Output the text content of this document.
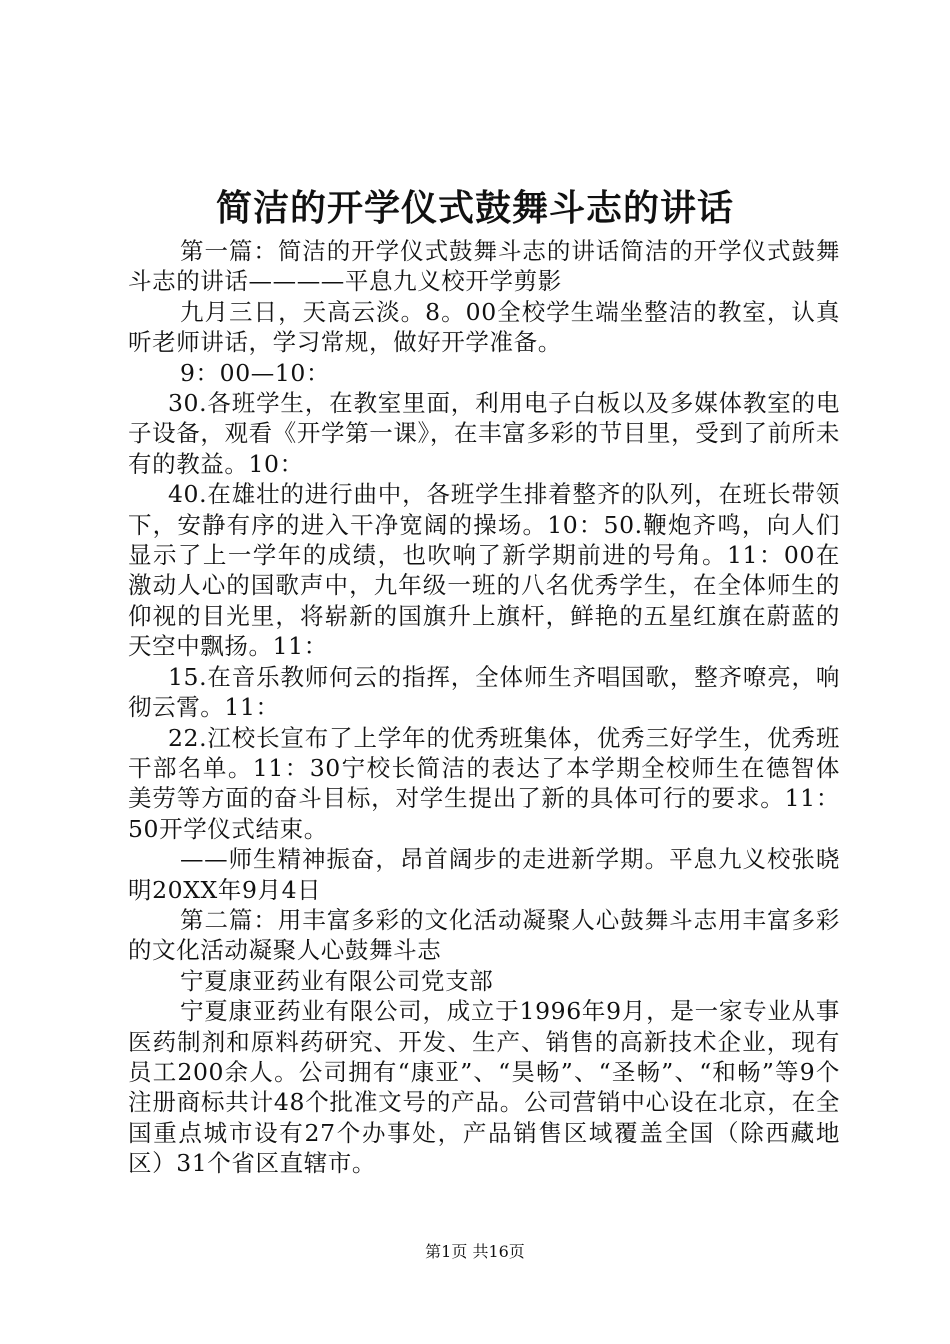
简洁的开学仪式鼓舞斗志的讲话

第一篇：简洁的开学仪式鼓舞斗志的讲话简洁的开学仪式鼓舞斗志的讲话————平息九义校开学剪影

九月三日，天高云淡。8。00全校学生端坐整洁的教室，认真听老师讲话，学习常规，做好开学准备。

9：00—10：

30.各班学生，在教室里面，利用电子白板以及多媒体教室的电子设备，观看《开学第一课》，在丰富多彩的节目里，受到了前所未有的教益。10：

40.在雄壮的进行曲中，各班学生排着整齐的队列，在班长带领下，安静有序的进入干净宽阔的操场。10：50.鞭炮齐鸣，向人们显示了上一学年的成绩，也吹响了新学期前进的号角。11：00在激动人心的国歌声中，九年级一班的八名优秀学生，在全体师生的仰视的目光里，将崭新的国旗升上旗杆，鲜艳的五星红旗在蔚蓝的天空中飘扬。11：

15.在音乐教师何云的指挥，全体师生齐唱国歌，整齐嘹亮，响彻云霄。11：

22.江校长宣布了上学年的优秀班集体，优秀三好学生，优秀班干部名单。11：30宁校长简洁的表达了本学期全校师生在德智体美劳等方面的奋斗目标，对学生提出了新的具体可行的要求。11：50开学仪式结束。

——师生精神振奋，昂首阔步的走进新学期。平息九义校张晓明20XX年9月4日

第二篇：用丰富多彩的文化活动凝聚人心鼓舞斗志用丰富多彩的文化活动凝聚人心鼓舞斗志

宁夏康亚药业有限公司党支部

宁夏康亚药业有限公司，成立于1996年9月，是一家专业从事医药制剂和原料药研究、开发、生产、销售的高新技术企业，现有员工200余人。公司拥有“康亚”、“昊畅”、“圣畅”、“和畅”等9个注册商标共计48个批准文号的产品。公司营销中心设在北京，在全国重点城市设有27个办事处，产品销售区域覆盖全国（除西藏地区）31个省区直辖市。

第1页 共16页
